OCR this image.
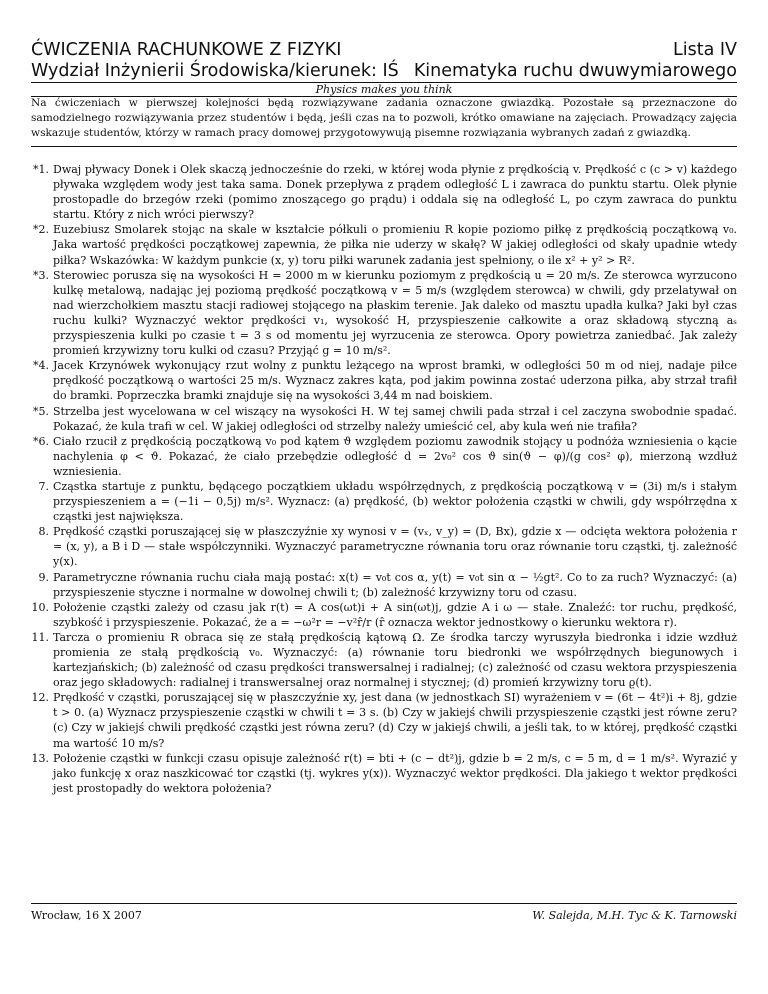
ĆWICZENIA RACHUNKOWE Z FIZYKI
Wydział Inżynierii Środowiska/kierunek: IŚ
Lista IV
Kinematyka ruchu dwuwymiarowego
Physics makes you think
Na ćwiczeniach w pierwszej kolejności będą rozwiązywane zadania oznaczone gwiazdką. Pozostałe są przeznaczone do samodzielnego rozwiązywania przez studentów i będą, jeśli czas na to pozwoli, krótko omawiane na zajęciach. Prowadzący zajęcia wskazuje studentów, którzy w ramach pracy domowej przygotowywują pisemne rozwiązania wybranych zadań z gwiazdką.
*1. Dwaj pływacy Donek i Olek skaczą jednocześnie do rzeki, w której woda płynie z prędkością v. Prędkość c (c > v) każdego pływaka względem wody jest taka sama. Donek przepływa z prądem odległość L i zawraca do punktu startu. Olek płynie prostopadle do brzegów rzeki (pomimo znoszącego go prądu) i oddala się na odległość L, po czym zawraca do punktu startu. Który z nich wróci pierwszy?
*2. Euzebiusz Smolarek stojąc na skale w kształcie półkuli o promieniu R kopie poziomo piłkę z prędkością początkową v₀. Jaka wartość prędkości początkowej zapewnia, że piłka nie uderzy w skałę? W jakiej odległości od skały upadnie wtedy piłka? Wskazówka: W każdym punkcie (x, y) toru piłki warunek zadania jest spełniony, o ile x² + y² > R².
*3. Sterowiec porusza się na wysokości H = 2000 m w kierunku poziomym z prędkością u = 20 m/s. Ze sterowca wyrzucono kulkę metalową, nadając jej poziomą prędkość początkową v = 5 m/s (względem sterowca) w chwili, gdy przelatywał on nad wierzchołkiem masztu stacji radiowej stojącego na płaskim terenie. Jak daleko od masztu upadła kulka? Jaki był czas ruchu kulki? Wyznaczyć wektor prędkości v₁, wysokość H, przyspieszenie całkowite a oraz składową styczną aₛ przyspieszenia kulki po czasie t = 3 s od momentu jej wyrzucenia ze sterowca. Opory powietrza zaniedbać. Jak zależy promień krzywizny toru kulki od czasu? Przyjąć g = 10 m/s².
*4. Jacek Krzynówek wykonujący rzut wolny z punktu leżącego na wprost bramki, w odległości 50 m od niej, nadaje piłce prędkość początkową o wartości 25 m/s. Wyznacz zakres kąta, pod jakim powinna zostać uderzona piłka, aby strzał trafił do bramki. Poprzeczka bramki znajduje się na wysokości 3,44 m nad boiskiem.
*5. Strzelba jest wycelowana w cel wiszący na wysokości H. W tej samej chwili pada strzał i cel zaczyna swobodnie spadać. Pokazać, że kula trafi w cel. W jakiej odległości od strzelby należy umieścić cel, aby kula weń nie trafiła?
*6. Ciało rzucił z prędkością początkową v₀ pod kątem ϑ względem poziomu zawodnik stojący u podnóża wzniesienia o kącie nachylenia φ < ϑ. Pokazać, że ciało przebędzie odległość d = 2v₀² cos ϑ sin(ϑ − φ)/(g cos² φ), mierzoną wzdłuż wzniesienia.
7. Cząstka startuje z punktu, będącego początkiem układu współrzędnych, z prędkością początkową v = (3i) m/s i stałym przyspieszeniem a = (−1i − 0,5j) m/s². Wyznacz: (a) prędkość, (b) wektor położenia cząstki w chwili, gdy współrzędna x cząstki jest największa.
8. Prędkość cząstki poruszającej się w płaszczyźnie xy wynosi v = (vₓ, v_y) = (D, Bx), gdzie x — odcięta wektora położenia r = (x, y), a B i D — stałe współczynniki. Wyznaczyć parametryczne równania toru oraz równanie toru cząstki, tj. zależność y(x).
9. Parametryczne równania ruchu ciała mają postać: x(t) = v₀t cos α, y(t) = v₀t sin α − ½gt². Co to za ruch? Wyznaczyć: (a) przyspieszenie styczne i normalne w dowolnej chwili t; (b) zależność krzywizny toru od czasu.
10. Położenie cząstki zależy od czasu jak r(t) = A cos(ωt)i + A sin(ωt)j, gdzie A i ω — stałe. Znaleźć: tor ruchu, prędkość, szybkość i przyspieszenie. Pokazać, że a = −ω²r = −v²r̂/r (r̂ oznacza wektor jednostkowy o kierunku wektora r).
11. Tarcza o promieniu R obraca się ze stałą prędkością kątową Ω. Ze środka tarczy wyruszyła biedronka i idzie wzdłuż promienia ze stałą prędkością v₀. Wyznaczyć: (a) równanie toru biedronki we współrzędnych biegunowych i kartezjańskich; (b) zależność od czasu prędkości transwersalnej i radialnej; (c) zależność od czasu wektora przyspieszenia oraz jego składowych: radialnej i transwersalnej oraz normalnej i stycznej; (d) promień krzywizny toru ϱ(t).
12. Prędkość v cząstki, poruszającej się w płaszczyźnie xy, jest dana (w jednostkach SI) wyrażeniem v = (6t − 4t²)i + 8j, gdzie t > 0. (a) Wyznacz przyspieszenie cząstki w chwili t = 3 s. (b) Czy w jakiejś chwili przyspieszenie cząstki jest równe zeru? (c) Czy w jakiejś chwili prędkość cząstki jest równa zeru? (d) Czy w jakiejś chwili, a jeśli tak, to w której, prędkość cząstki ma wartość 10 m/s?
13. Położenie cząstki w funkcji czasu opisuje zależność r(t) = bti + (c − dt²)j, gdzie b = 2 m/s, c = 5 m, d = 1 m/s². Wyrazić y jako funkcję x oraz naszkicować tor cząstki (tj. wykres y(x)). Wyznaczyć wektor prędkości. Dla jakiego t wektor prędkości jest prostopadły do wektora położenia?
Wrocław, 16 X 2007	W. Salejda, M.H. Tyc & K. Tarnowski
